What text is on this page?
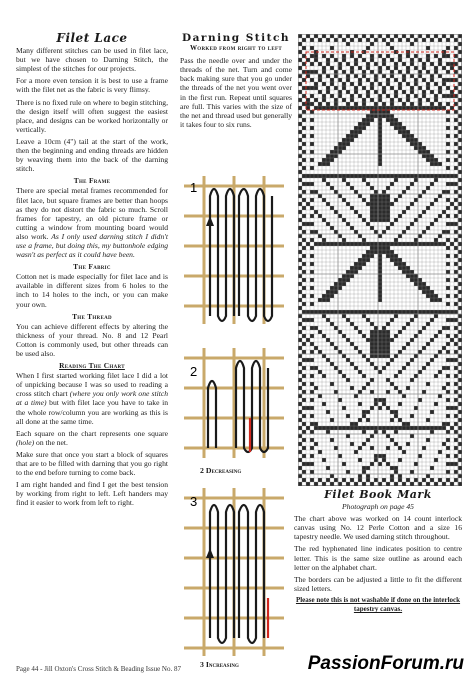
Filet Lace

Many different stitches can be used in filet lace, but we have chosen to Darning Stitch, the simplest of the stitches for our projects.

For a more even tension it is best to use a frame with the filet net as the fabric is very flimsy.

There is no fixed rule on where to begin stitching, the design itself will often suggest the easiest place, and designs can be worked horizontally or vertically.

Leave a 10cm (4") tail at the start of the work, then the beginning and ending threads are hidden by weaving them into the back of the darning stitch.

The Frame

There are special metal frames recommended for filet lace, but square frames are better than hoops as they do not distort the fabric so much. Scroll frames for tapestry, an old picture frame or cutting a window from mounting board would also work. As I only used darning stitch I didn't use a frame, but doing this, my buttonhole edging wasn't as perfect as it could have been.

The Fabric

Cotton net is made especially for filet lace and is available in different sizes from 6 holes to the inch to 14 holes to the inch, or you can make your own.

The Thread

You can achieve different effects by altering the thickness of your thread. No. 8 and 12 Pearl Cotton is commonly used, but other threads can be used also.

Reading The Chart

When I first started working filet lace I did a lot of unpicking because I was so used to reading a cross stitch chart (where you only work one stitch at a time) but with filet lace you have to take in the whole row/column you are working as this is all done at the same time.

Each square on the chart represents one square (hole) on the net.

Make sure that once you start a block of squares that are to be filled with darning that you go right to the end before turning to come back.

I am right handed and find I get the best tension by working from right to left. Left handers may find it easier to work from left to right.

Darning Stitch
Worked from right to left

Pass the needle over and under the threads of the net. Turn and come back making sure that you go under the threads of the net you went over in the first run. Repeat until squares are full. This varies with the size of the net and thread used but generally it takes four to six runs.

1
2
2 Decreasing
3
3 Increasing
Filet Book Mark
Photograph on page 45

The chart above was worked on 14 count interlock canvas using No. 12 Perle Cotton and a size 16 tapestry needle. We used darning stitch throughout.

The red hyphenated line indicates position to centre letter. This is the same size outline as around each letter on the alphabet chart.

The borders can be adjusted a little to fit the different sized letters.

Please note this is not washable if done on the interlock tapestry canvas.
Page 44 - Jill Oxton's Cross Stitch & Beading Issue No. 87	PassionForum.ru
